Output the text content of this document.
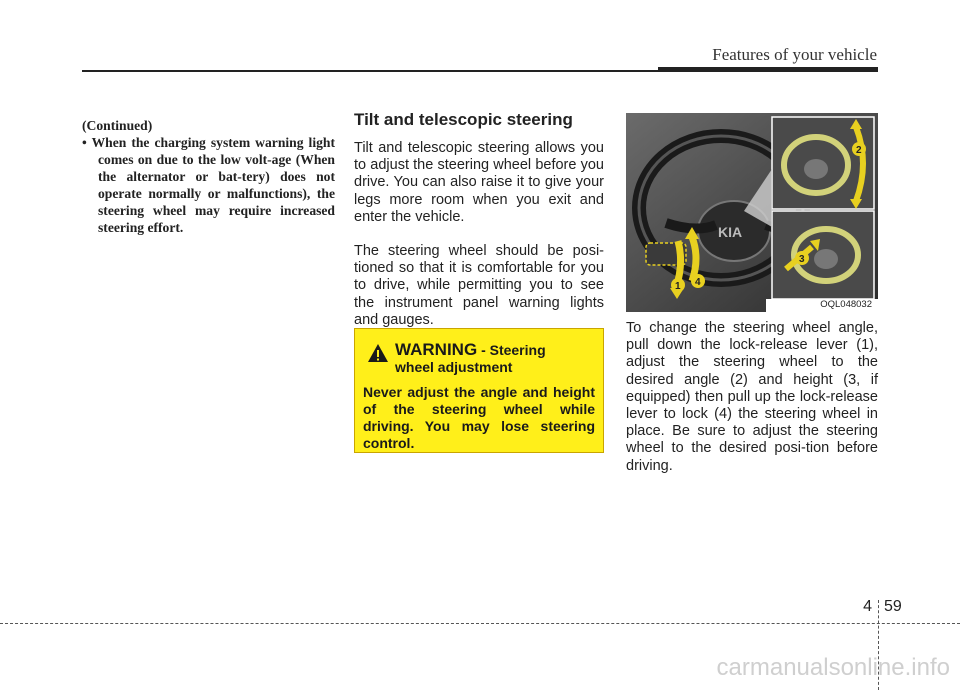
Features of your vehicle
(Continued)
• When the charging system warning light comes on due to the low volt-age (When the alternator or bat-tery) does not operate normally or malfunctions), the steering wheel may require increased steering effort.
Tilt and telescopic steering

Tilt and telescopic steering allows you to adjust the steering wheel before you drive. You can also raise it to give your legs more room when you exit and enter the vehicle.

The steering wheel should be posi-tioned so that it is comfortable for you to drive, while permitting you to see the instrument panel warning lights and gauges.

WARNING - Steering
wheel adjustment
Never adjust the angle and height of the steering wheel while driving. You may lose steering control.
KIA
1 4
2
3
OQL048032

To change the steering wheel angle, pull down the lock-release lever (1), adjust the steering wheel to the desired angle (2) and height (3, if equipped) then pull up the lock-release lever to lock (4) the steering wheel in place. Be sure to adjust the steering wheel to the desired posi-tion before driving.

4 59
carmanualsonline.info
